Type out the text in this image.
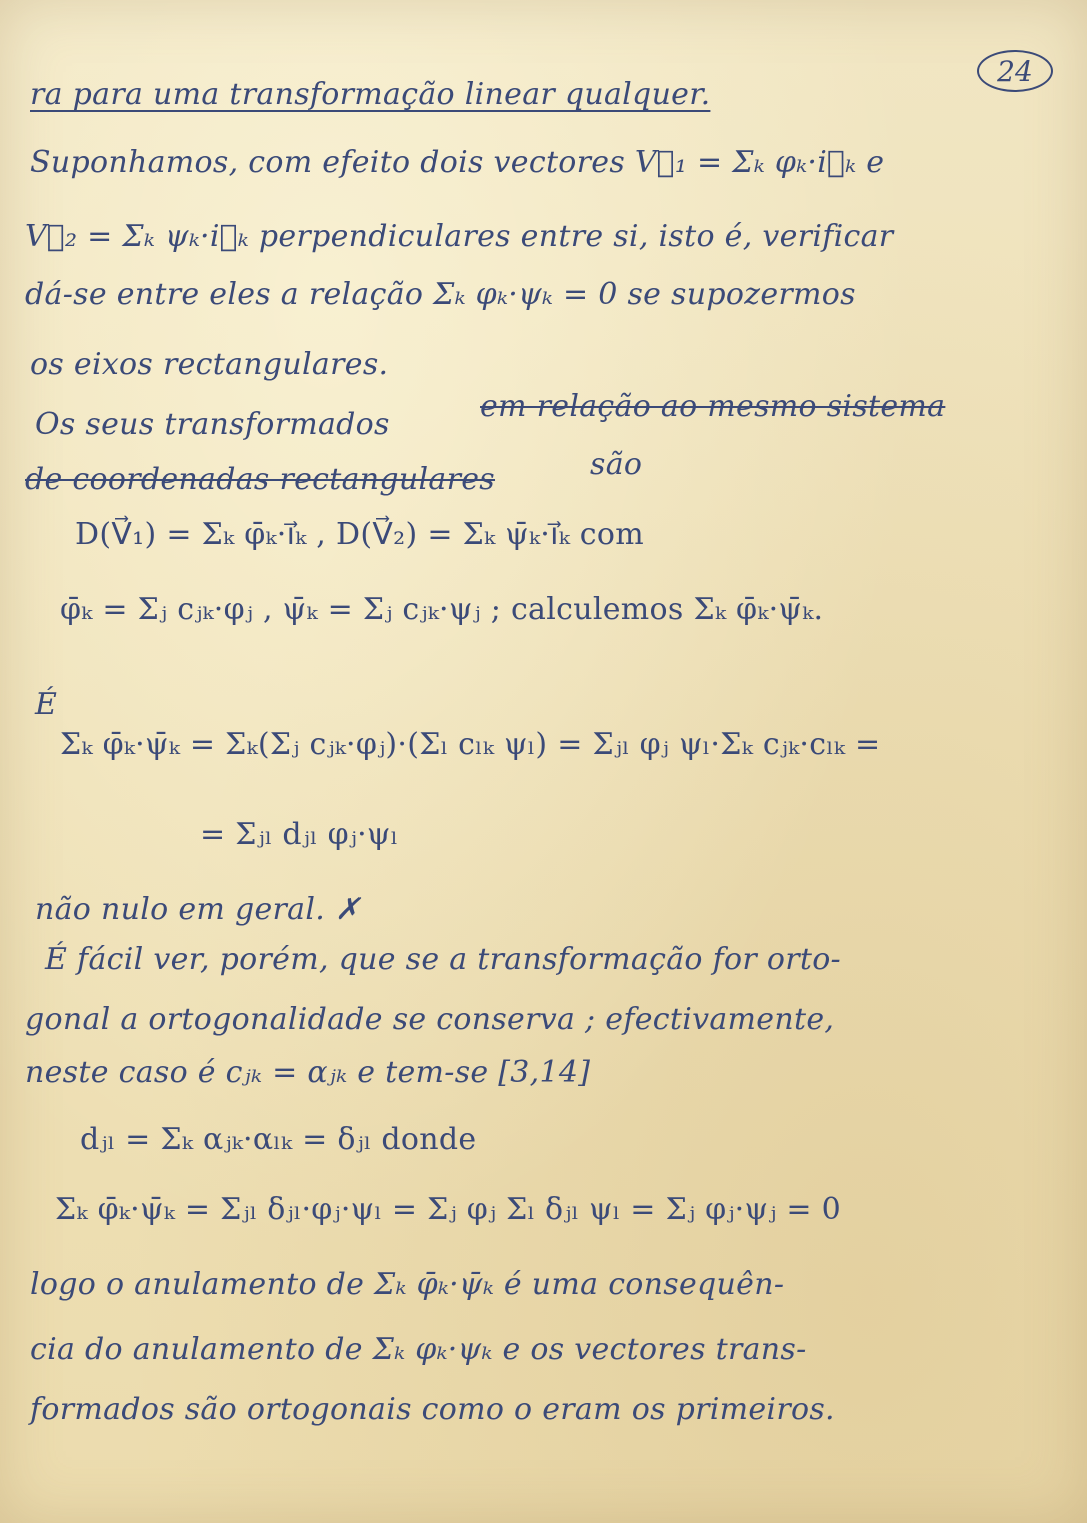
24
ra para uma transformação linear qualquer.
Suponhamos, com efeito dois vectores V⃗₁ = Σₖ φₖ·i⃗ₖ e
V⃗₂ = Σₖ ψₖ·i⃗ₖ perpendiculares entre si, isto é, verificar
dá-se entre eles a relação Σₖ φₖ·ψₖ = 0 se supozermos
os eixos rectangulares.
Os seus transformados
em relação ao mesmo sistema
de coordenadas rectangulares	são
D(V⃗₁) = Σₖ φ̄ₖ·i⃗ₖ , D(V⃗₂) = Σₖ ψ̄ₖ·i⃗ₖ com
φ̄ₖ = Σⱼ cⱼₖ·φⱼ , ψ̄ₖ = Σⱼ cⱼₖ·ψⱼ ; calculemos Σₖ φ̄ₖ·ψ̄ₖ.
É
Σₖ φ̄ₖ·ψ̄ₖ = Σₖ(Σⱼ cⱼₖ·φⱼ)·(Σₗ cₗₖ ψₗ) = Σⱼₗ φⱼ ψₗ·Σₖ cⱼₖ·cₗₖ =
= Σⱼₗ dⱼₗ φⱼ·ψₗ
não nulo em geral. ✗
É fácil ver, porém, que se a transformação for orto-
gonal a ortogonalidade se conserva ; efectivamente,
neste caso é cⱼₖ = αⱼₖ e tem-se [3,14]
dⱼₗ = Σₖ αⱼₖ·αₗₖ = δⱼₗ donde
Σₖ φ̄ₖ·ψ̄ₖ = Σⱼₗ δⱼₗ·φⱼ·ψₗ = Σⱼ φⱼ Σₗ δⱼₗ ψₗ = Σⱼ φⱼ·ψⱼ = 0
logo o anulamento de Σₖ φ̄ₖ·ψ̄ₖ é uma consequên-
cia do anulamento de Σₖ φₖ·ψₖ e os vectores trans-
formados são ortogonais como o eram os primeiros.
